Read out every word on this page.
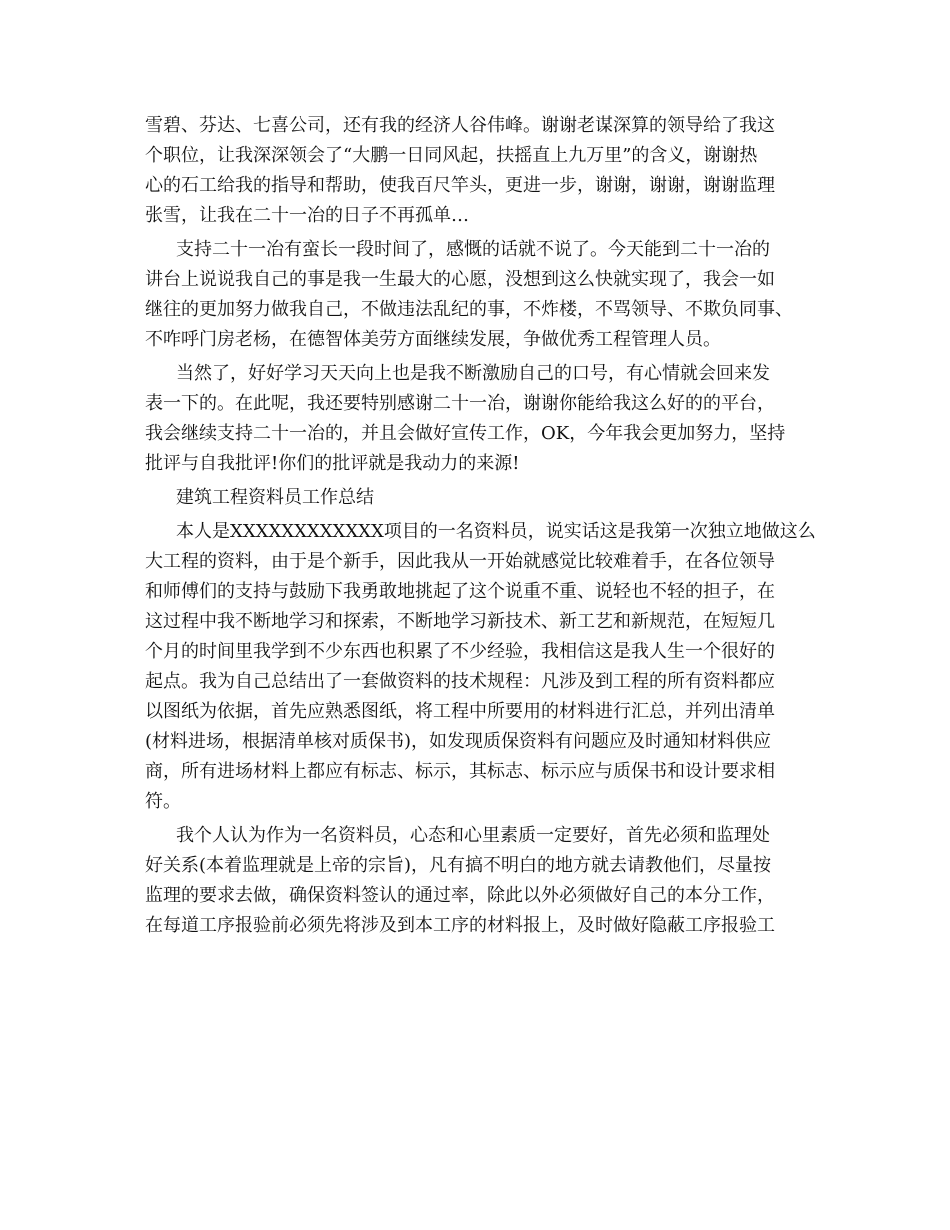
雪碧、芬达、七喜公司，还有我的经济人谷伟峰。谢谢老谋深算的领导给了我这
个职位，让我深深领会了“大鹏一日同风起，扶摇直上九万里”的含义，谢谢热
心的石工给我的指导和帮助，使我百尺竿头，更进一步，谢谢，谢谢，谢谢监理
张雪，让我在二十一冶的日子不再孤单…

支持二十一冶有蛮长一段时间了，感慨的话就不说了。今天能到二十一冶的
讲台上说说我自己的事是我一生最大的心愿，没想到这么快就实现了，我会一如
继往的更加努力做我自己，不做违法乱纪的事，不炸楼，不骂领导、不欺负同事、
不咋呼门房老杨，在德智体美劳方面继续发展，争做优秀工程管理人员。

当然了，好好学习天天向上也是我不断激励自己的口号，有心情就会回来发
表一下的。在此呢，我还要特别感谢二十一冶，谢谢你能给我这么好的的平台，
我会继续支持二十一冶的，并且会做好宣传工作，OK，今年我会更加努力，坚持
批评与自我批评!你们的批评就是我动力的来源!

建筑工程资料员工作总结

本人是XXXXXXXXXXXX项目的一名资料员，说实话这是我第一次独立地做这么
大工程的资料，由于是个新手，因此我从一开始就感觉比较难着手，在各位领导
和师傅们的支持与鼓励下我勇敢地挑起了这个说重不重、说轻也不轻的担子，在
这过程中我不断地学习和探索，不断地学习新技术、新工艺和新规范，在短短几
个月的时间里我学到不少东西也积累了不少经验，我相信这是我人生一个很好的
起点。我为自己总结出了一套做资料的技术规程：凡涉及到工程的所有资料都应
以图纸为依据，首先应熟悉图纸，将工程中所要用的材料进行汇总，并列出清单
(材料进场，根据清单核对质保书)，如发现质保资料有问题应及时通知材料供应
商，所有进场材料上都应有标志、标示，其标志、标示应与质保书和设计要求相
符。

我个人认为作为一名资料员，心态和心里素质一定要好，首先必须和监理处
好关系(本着监理就是上帝的宗旨)，凡有搞不明白的地方就去请教他们，尽量按
监理的要求去做，确保资料签认的通过率，除此以外必须做好自己的本分工作，
在每道工序报验前必须先将涉及到本工序的材料报上，及时做好隐蔽工序报验工
